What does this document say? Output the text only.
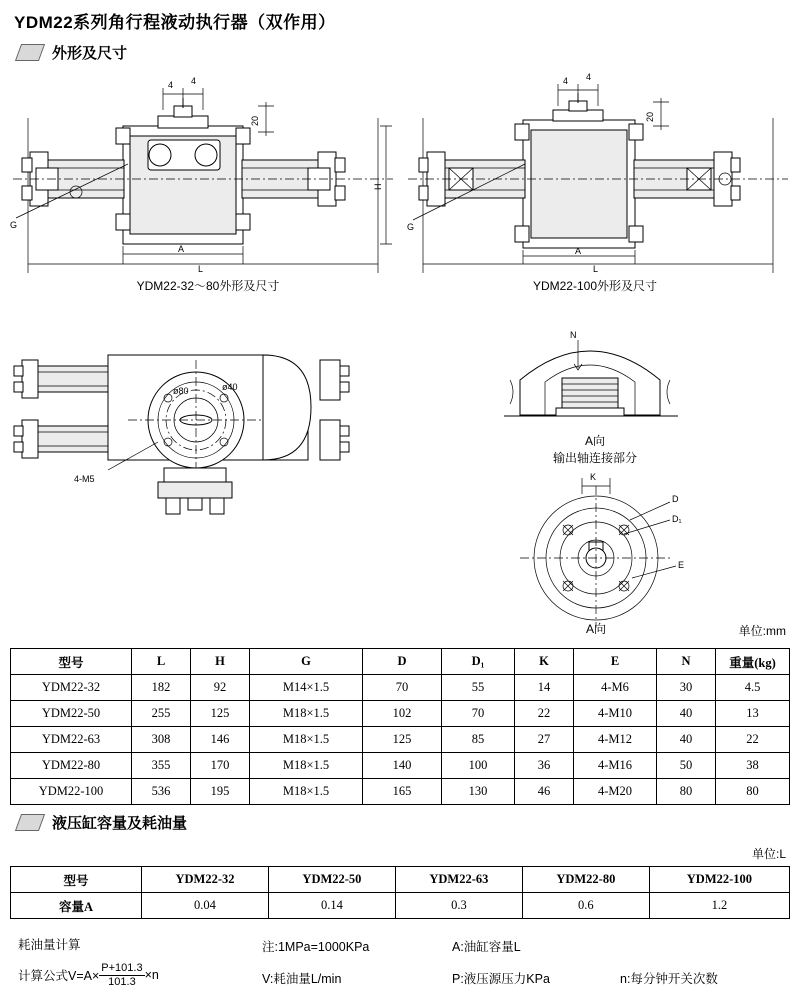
YDM22系列角行程液动执行器（双作用）
外形及尺寸
G
4 4
20
H
A
L
YDM22-32～80外形及尺寸
G
4 4
20
A
L
YDM22-100外形及尺寸
ø80	ø40
4-M5
N
A向
输出轴连接部分
K
D
D₁
E
A向	单位:mm
型号	L	H	G	D	D₁	K	E	N	重量(kg)
YDM22-32	182	92	M14×1.5	70	55	14	4-M6	30	4.5
YDM22-50	255	125	M18×1.5	102	70	22	4-M10	40	13
YDM22-63	308	146	M18×1.5	125	85	27	4-M12	40	22
YDM22-80	355	170	M18×1.5	140	100	36	4-M16	50	38
YDM22-100	536	195	M18×1.5	165	130	46	4-M20	80	80
液压缸容量及耗油量
单位:L
型号	YDM22-32	YDM22-50	YDM22-63	YDM22-80	YDM22-100
容量A	0.04	0.14	0.3	0.6	1.2
耗油量计算
计算公式$V=A\times \frac{P+101.3}{101.3} \times n$
注:1MPa=1000KPa	A:油缸容量L
V:耗油量L/min	P:液压源压力KPa	n:每分钟开关次数
